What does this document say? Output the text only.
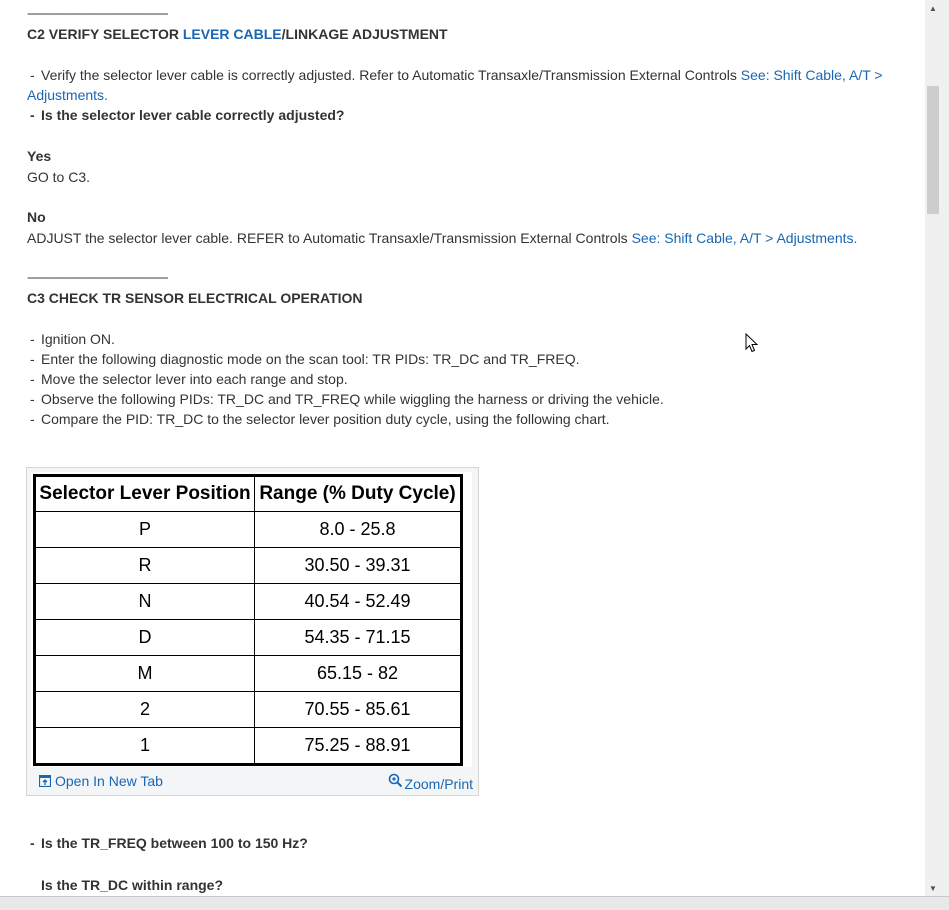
----------------------------------------------------
C2 VERIFY SELECTOR LEVER CABLE/LINKAGE ADJUSTMENT
- Verify the selector lever cable is correctly adjusted. Refer to Automatic Transaxle/Transmission External Controls See: Shift Cable, A/T >
Adjustments.
- Is the selector lever cable correctly adjusted?
Yes
GO to C3.
No
ADJUST the selector lever cable. REFER to Automatic Transaxle/Transmission External Controls See: Shift Cable, A/T > Adjustments.
----------------------------------------------------
C3 CHECK TR SENSOR ELECTRICAL OPERATION
- Ignition ON.
- Enter the following diagnostic mode on the scan tool: TR PIDs: TR_DC and TR_FREQ.
- Move the selector lever into each range and stop.
- Observe the following PIDs: TR_DC and TR_FREQ while wiggling the harness or driving the vehicle.
- Compare the PID: TR_DC to the selector lever position duty cycle, using the following chart.
Selector Lever Position	Range (% Duty Cycle)
P	8.0 - 25.8
R	30.50 - 39.31
N	40.54 - 52.49
D	54.35 - 71.15
M	65.15 - 82
2	70.55 - 85.61
1	75.25 - 88.91
Open In New Tab	Zoom/Print
- Is the TR_FREQ between 100 to 150 Hz?
Is the TR_DC within range?
▲
▼
